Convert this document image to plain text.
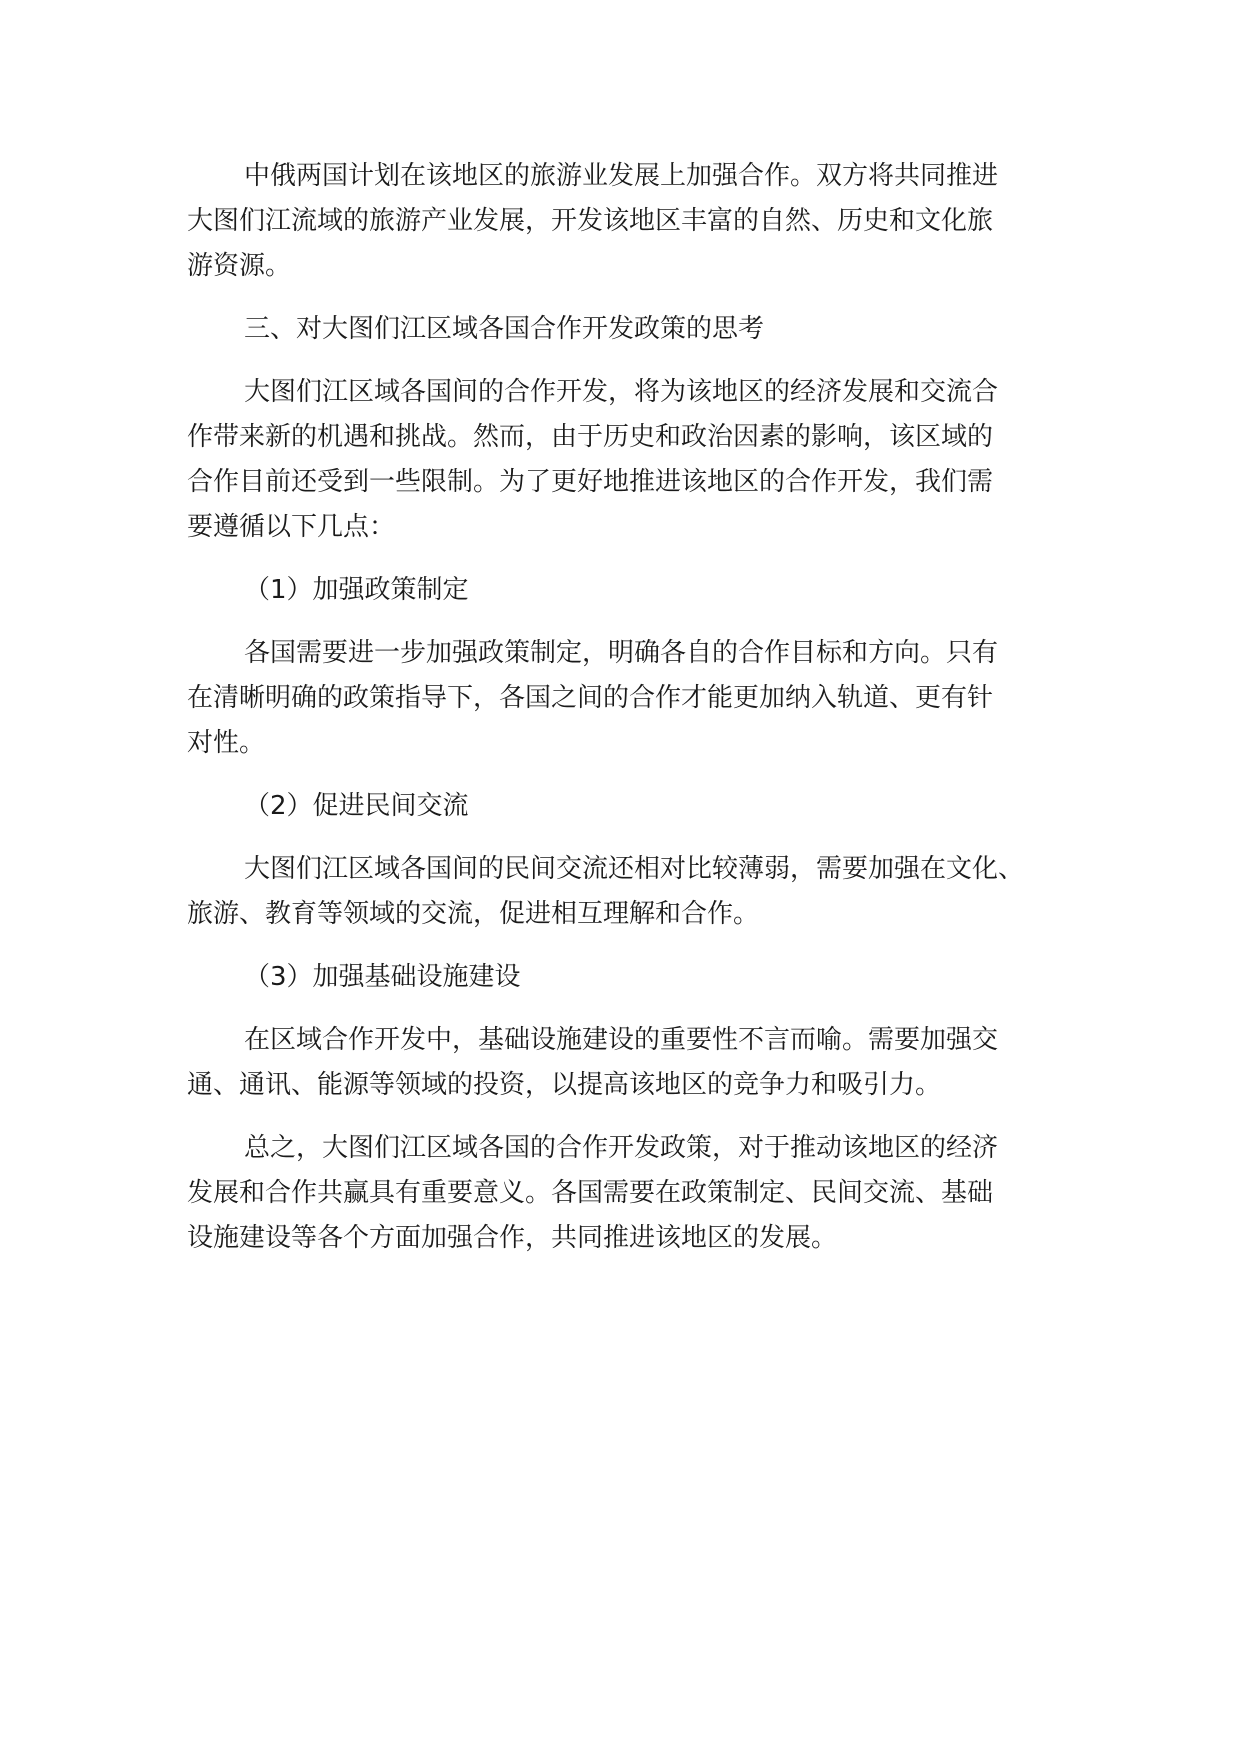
中俄两国计划在该地区的旅游业发展上加强合作。双方将共同推进
大图们江流域的旅游产业发展，开发该地区丰富的自然、历史和文化旅
游资源。

三、对大图们江区域各国合作开发政策的思考

大图们江区域各国间的合作开发，将为该地区的经济发展和交流合
作带来新的机遇和挑战。然而，由于历史和政治因素的影响，该区域的
合作目前还受到一些限制。为了更好地推进该地区的合作开发，我们需
要遵循以下几点：

（1）加强政策制定

各国需要进一步加强政策制定，明确各自的合作目标和方向。只有
在清晰明确的政策指导下，各国之间的合作才能更加纳入轨道、更有针
对性。

（2）促进民间交流

大图们江区域各国间的民间交流还相对比较薄弱，需要加强在文化、
旅游、教育等领域的交流，促进相互理解和合作。

（3）加强基础设施建设

在区域合作开发中，基础设施建设的重要性不言而喻。需要加强交
通、通讯、能源等领域的投资，以提高该地区的竞争力和吸引力。

总之，大图们江区域各国的合作开发政策，对于推动该地区的经济
发展和合作共赢具有重要意义。各国需要在政策制定、民间交流、基础
设施建设等各个方面加强合作，共同推进该地区的发展。
